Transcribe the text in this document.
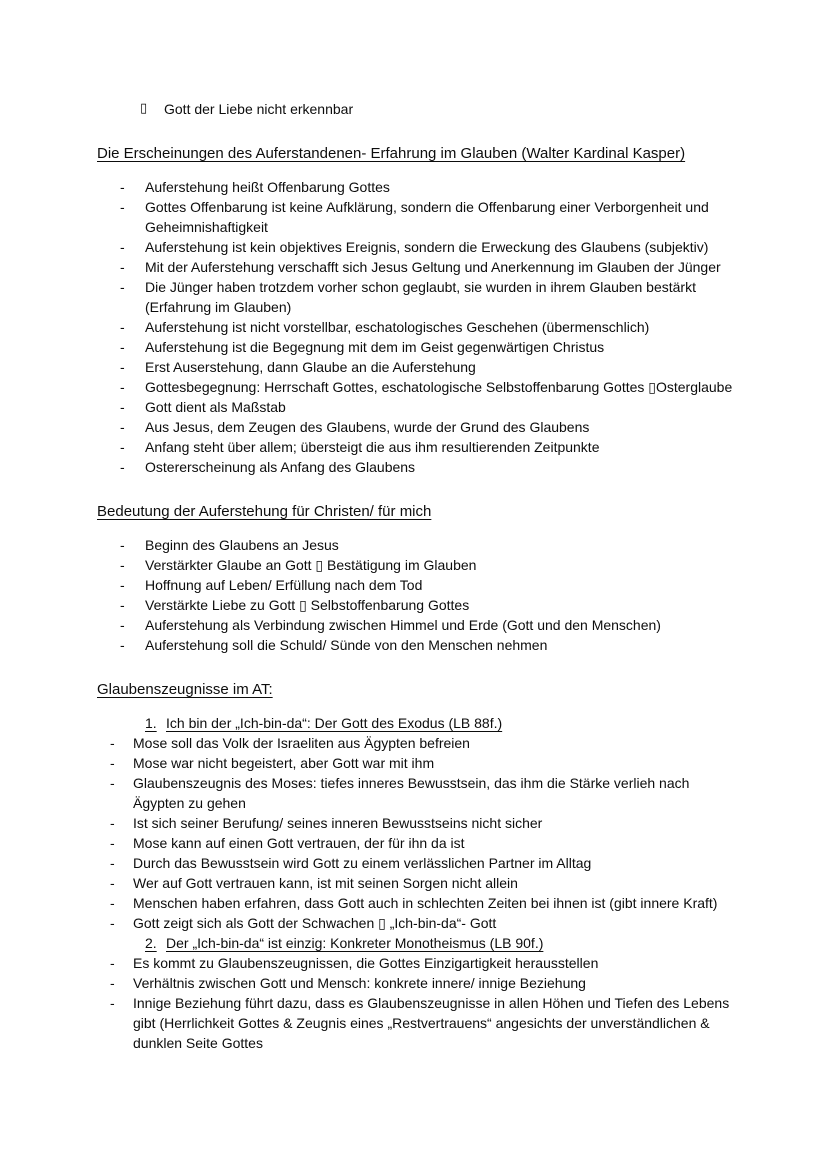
▯	Gott der Liebe nicht erkennbar
Die Erscheinungen des Auferstandenen- Erfahrung im Glauben (Walter Kardinal Kasper)
-	Auferstehung heißt Offenbarung Gottes
-	Gottes Offenbarung ist keine Aufklärung, sondern die Offenbarung einer Verborgenheit und Geheimnishaftigkeit
-	Auferstehung ist kein objektives Ereignis, sondern die Erweckung des Glaubens (subjektiv)
-	Mit der Auferstehung verschafft sich Jesus Geltung und Anerkennung im Glauben der Jünger
-	Die Jünger haben trotzdem vorher schon geglaubt, sie wurden in ihrem Glauben bestärkt (Erfahrung im Glauben)
-	Auferstehung ist nicht vorstellbar, eschatologisches Geschehen (übermenschlich)
-	Auferstehung ist die Begegnung mit dem im Geist gegenwärtigen Christus
-	Erst Auserstehung, dann Glaube an die Auferstehung
-	Gottesbegegnung: Herrschaft Gottes, eschatologische Selbstoffenbarung Gottes ▯Osterglaube
-	Gott dient als Maßstab
-	Aus Jesus, dem Zeugen des Glaubens, wurde der Grund des Glaubens
-	Anfang steht über allem; übersteigt die aus ihm resultierenden Zeitpunkte
-	Ostererscheinung als Anfang des Glaubens
Bedeutung der Auferstehung für Christen/ für mich
-	Beginn des Glaubens an Jesus
-	Verstärkter Glaube an Gott ▯ Bestätigung im Glauben
-	Hoffnung auf Leben/ Erfüllung nach dem Tod
-	Verstärkte Liebe zu Gott ▯ Selbstoffenbarung Gottes
-	Auferstehung als Verbindung zwischen Himmel und Erde (Gott und den Menschen)
-	Auferstehung soll die Schuld/ Sünde von den Menschen nehmen
Glaubenszeugnisse im AT:
1. Ich bin der „Ich-bin-da“: Der Gott des Exodus (LB 88f.)
-	Mose soll das Volk der Israeliten aus Ägypten befreien
-	Mose war nicht begeistert, aber Gott war mit ihm
-	Glaubenszeugnis des Moses: tiefes inneres Bewusstsein, das ihm die Stärke verlieh nach Ägypten zu gehen
-	Ist sich seiner Berufung/ seines inneren Bewusstseins nicht sicher
-	Mose kann auf einen Gott vertrauen, der für ihn da ist
-	Durch das Bewusstsein wird Gott zu einem verlässlichen Partner im Alltag
-	Wer auf Gott vertrauen kann, ist mit seinen Sorgen nicht allein
-	Menschen haben erfahren, dass Gott auch in schlechten Zeiten bei ihnen ist (gibt innere Kraft)
-	Gott zeigt sich als Gott der Schwachen ▯ „Ich-bin-da“- Gott
2. Der „Ich-bin-da“ ist einzig: Konkreter Monotheismus (LB 90f.)
-	Es kommt zu Glaubenszeugnissen, die Gottes Einzigartigkeit herausstellen
-	Verhältnis zwischen Gott und Mensch: konkrete innere/ innige Beziehung
-	Innige Beziehung führt dazu, dass es Glaubenszeugnisse in allen Höhen und Tiefen des Lebens gibt (Herrlichkeit Gottes & Zeugnis eines „Restvertrauens“ angesichts der unverständlichen & dunklen Seite Gottes
